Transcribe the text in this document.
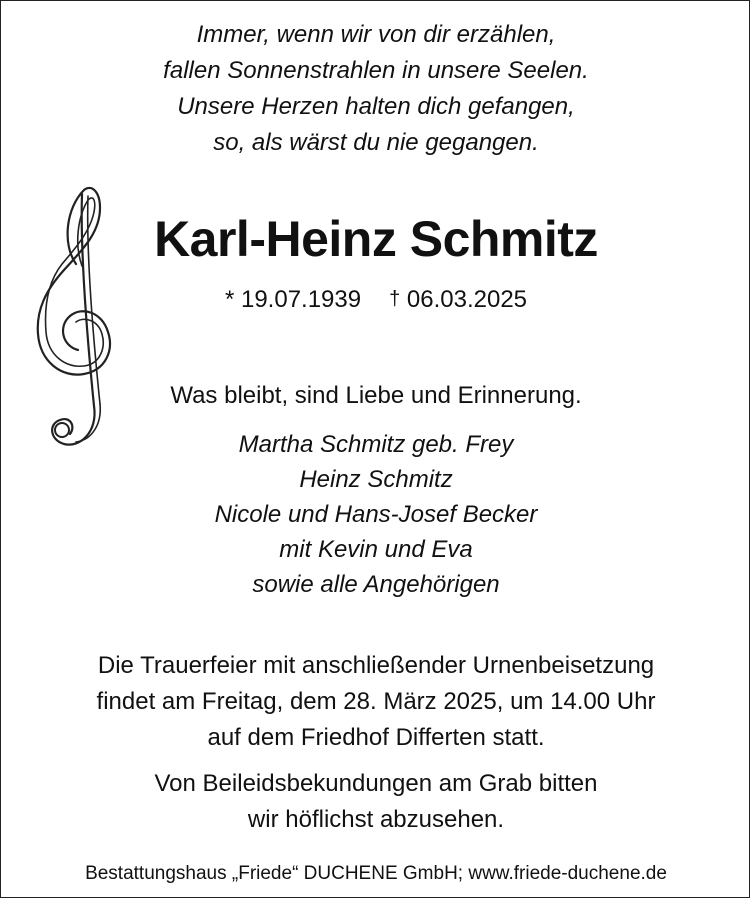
Immer, wenn wir von dir erzählen,
fallen Sonnenstrahlen in unsere Seelen.
Unsere Herzen halten dich gefangen,
so, als wärst du nie gegangen.
Karl-Heinz Schmitz
* 19.07.1939 † 06.03.2025
Was bleibt, sind Liebe und Erinnerung.
Martha Schmitz geb. Frey
Heinz Schmitz
Nicole und Hans-Josef Becker
mit Kevin und Eva
sowie alle Angehörigen
Die Trauerfeier mit anschließender Urnenbeisetzung
findet am Freitag, dem 28. März 2025, um 14.00 Uhr
auf dem Friedhof Differten statt.
Von Beileidsbekundungen am Grab bitten
wir höflichst abzusehen.
Bestattungshaus „Friede“ DUCHENE GmbH; www.friede-duchene.de
